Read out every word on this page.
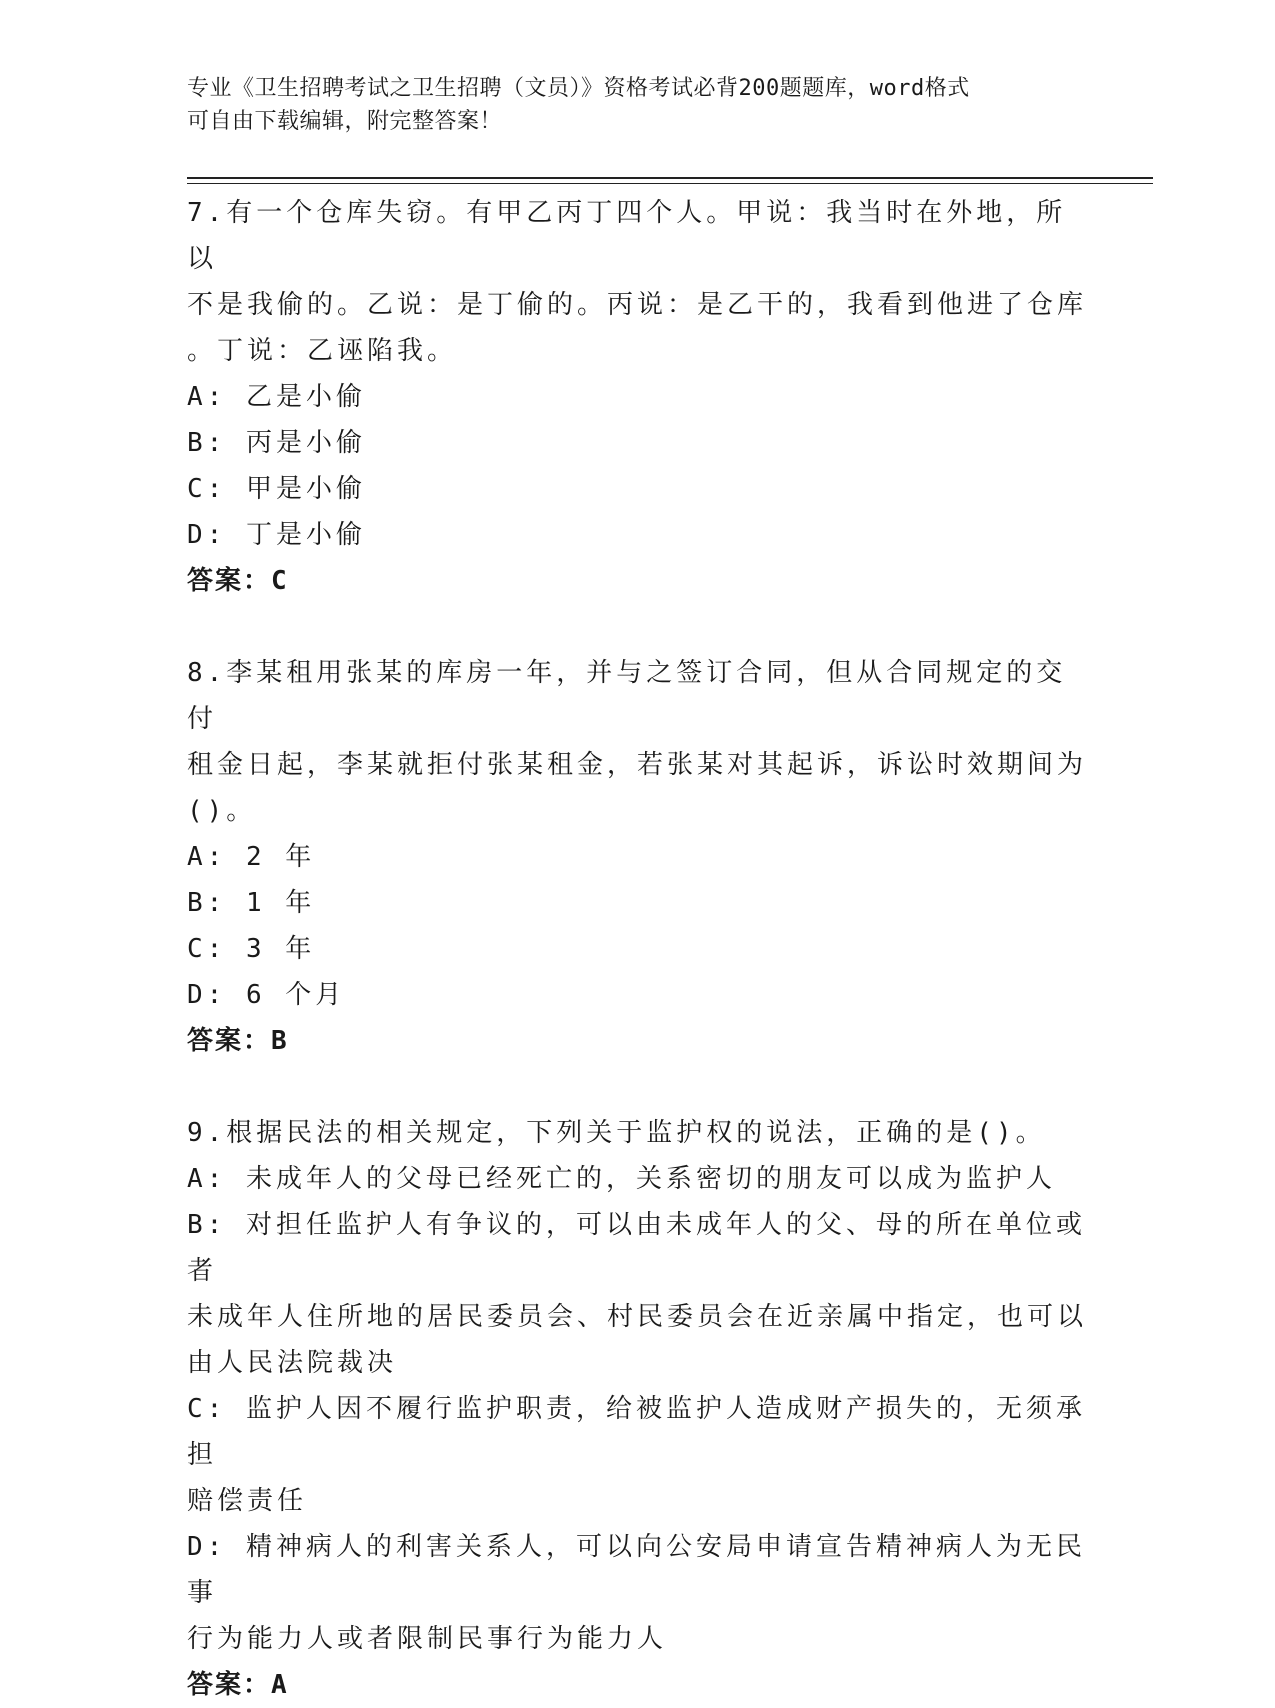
专业《卫生招聘考试之卫生招聘（文员）》资格考试必背200题题库，word格式
可自由下载编辑，附完整答案！
7.有一个仓库失窃。有甲乙丙丁四个人。甲说：我当时在外地，所以
不是我偷的。乙说：是丁偷的。丙说：是乙干的，我看到他进了仓库
。丁说：乙诬陷我。
A: 乙是小偷
B: 丙是小偷
C: 甲是小偷
D: 丁是小偷
答案：C
8.李某租用张某的库房一年，并与之签订合同，但从合同规定的交付
租金日起，李某就拒付张某租金，若张某对其起诉，诉讼时效期间为
()。
A: 2 年
B: 1 年
C: 3 年
D: 6 个月
答案：B
9.根据民法的相关规定，下列关于监护权的说法，正确的是()。
A: 未成年人的父母已经死亡的，关系密切的朋友可以成为监护人
B: 对担任监护人有争议的，可以由未成年人的父、母的所在单位或者
未成年人住所地的居民委员会、村民委员会在近亲属中指定，也可以
由人民法院裁决
C: 监护人因不履行监护职责，给被监护人造成财产损失的，无须承担
赔偿责任
D: 精神病人的利害关系人，可以向公安局申请宣告精神病人为无民事
行为能力人或者限制民事行为能力人
答案：A
